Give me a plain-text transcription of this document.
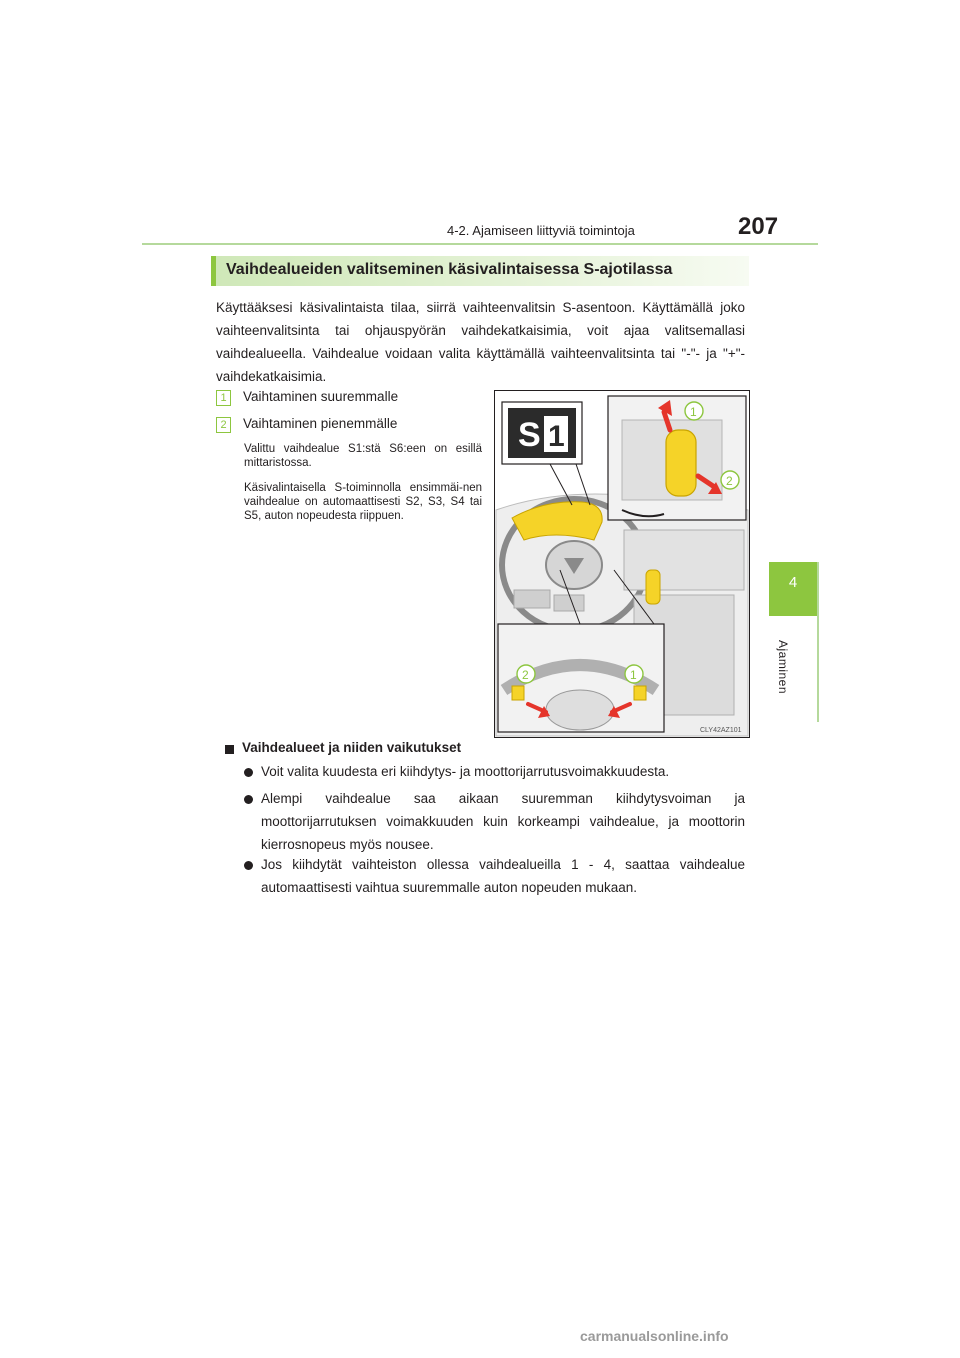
4-2. Ajamiseen liittyviä toimintoja	207
4
Ajaminen
Vaihdealueiden valitseminen käsivalintaisessa S-ajotilassa
Käyttääksesi käsivalintaista tilaa, siirrä vaihteenvalitsin S-asentoon. Käyttämällä joko vaihteenvalitsinta tai ohjauspyörän vaihdekatkaisimia, voit ajaa valitsemallasi vaihdealueella. Vaihdealue voidaan valita käyttämällä vaihteenvalitsinta tai "-"- ja "+"-vaihdekatkaisimia.
1	Vaihtaminen suuremmalle
2	Vaihtaminen pienemmälle
Valittu vaihdealue S1:stä S6:een on esillä mittaristossa.
Käsivalintaisella S-toiminnolla ensimmäi-nen vaihdealue on automaattisesti S2, S3, S4 tai S5, auton nopeudesta riippuen.
S 1
1
2
2	1
CLY42AZ101
Vaihdealueet ja niiden vaikutukset
Voit valita kuudesta eri kiihdytys- ja moottorijarrutusvoimakkuudesta.
Alempi vaihdealue saa aikaan suuremman kiihdytysvoiman ja moottorijarrutuksen voimakkuuden kuin korkeampi vaihdealue, ja moottorin kierrosnopeus myös nousee.
Jos kiihdytät vaihteiston ollessa vaihdealueilla 1 - 4, saattaa vaihdealue automaattisesti vaihtua suuremmalle auton nopeuden mukaan.
carmanualsonline.info
